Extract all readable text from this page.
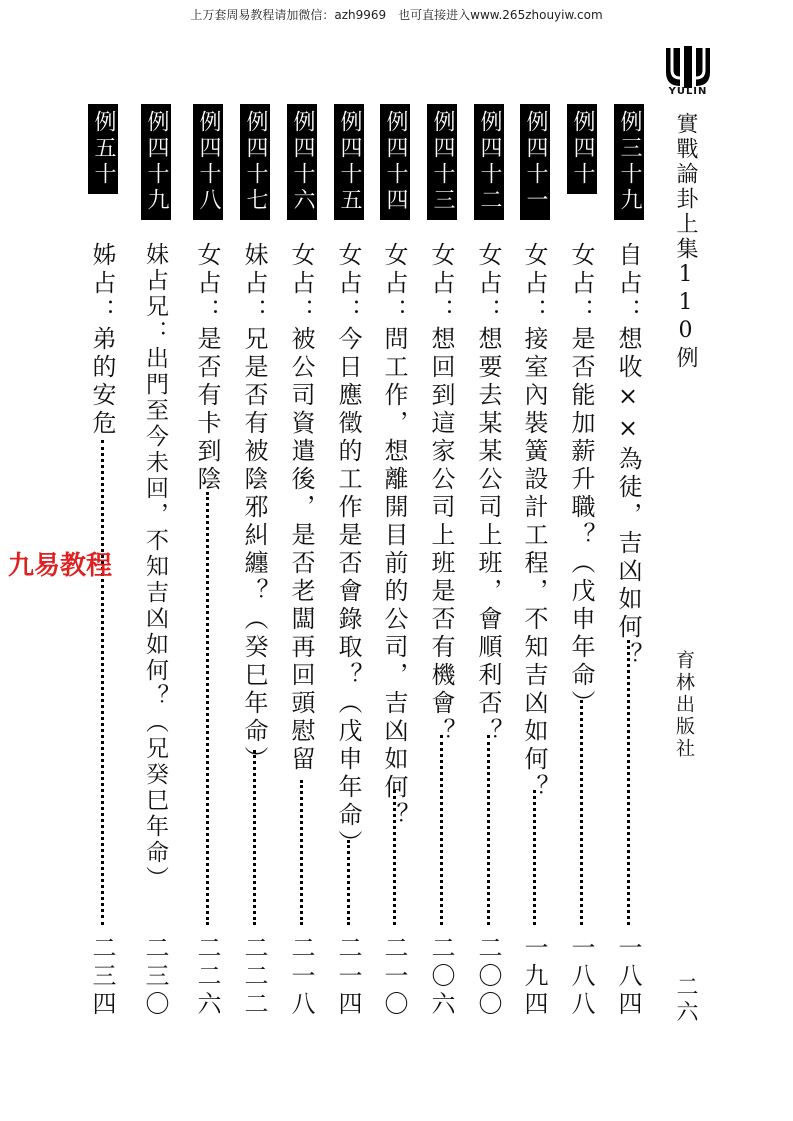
上万套周易教程请加微信：azh9969　也可直接进入www.265zhouyiw.com
YULIN
實戰論卦上集110例
育林出版社
二六
例三十九
自占：想收××為徒，吉凶如何？
一八四
例四十
女占：是否能加薪升職？（戊申年命）
一八八
例四十一
女占：接室內裝簧設計工程，不知吉凶如何？
一九四
例四十二
女占：想要去某某公司上班，會順利否？
二〇〇
例四十三
女占：想回到這家公司上班是否有機會？
二〇六
例四十四
女占：問工作，想離開目前的公司，吉凶如何？
二一〇
例四十五
女占：今日應徵的工作是否會錄取？（戊申年命）
二一四
例四十六
女占：被公司資遣後，是否老闆再回頭慰留
二一八
例四十七
妹占：兄是否有被陰邪糾纏？（癸巳年命）
二二二
例四十八
女占：是否有卡到陰
二二六
例四十九
妹占兄：出門至今未回，不知吉凶如何？（兄癸巳年命）
二三〇
例五十
姊占：弟的安危
二三四
九易教程
